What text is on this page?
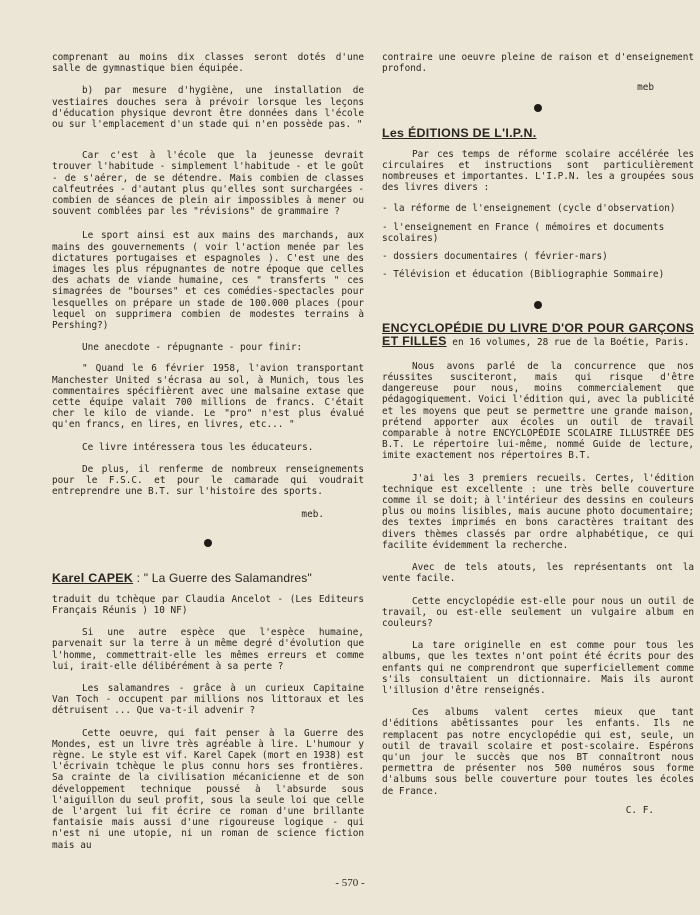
comprenant au moins dix classes seront dotés d'une salle de gymnastique bien équipée.

b) par mesure d'hygiène, une installation de vestiaires douches sera à prévoir lorsque les leçons d'éducation physique devront être données dans l'école ou sur l'emplacement d'un stade qui n'en possède pas. "

Car c'est à l'école que la jeunesse devrait trouver l'habitude - simplement l'habitude - et le goût - de s'aérer, de se détendre. Mais combien de classes calfeutrées - d'autant plus qu'elles sont surchargées - combien de séances de plein air impossibles à mener ou souvent comblées par les "révisions" de grammaire ?

Le sport ainsi est aux mains des marchands, aux mains des gouvernements ( voir l'action menée par les dictatures portugaises et espagnoles ). C'est une des images les plus répugnantes de notre époque que celles des achats de viande humaine, ces " transferts " ces simagrées de "bourses" et ces comédies-spectacles pour lesquelles on prépare un stade de 100.000 places (pour lequel on supprimera combien de modestes terrains à Pershing?)

Une anecdote - répugnante - pour finir:

" Quand le 6 février 1958, l'avion transportant Manchester United s'écrasa au sol, à Munich, tous les commentaires spécifièrent avec une malsaine extase que cette équipe valait 700 millions de francs. C'était cher le kilo de viande. Le "pro" n'est plus évalué qu'en francs, en lires, en livres, etc... "

Ce livre intéressera tous les éducateurs.

De plus, il renferme de nombreux renseignements pour le F.S.C. et pour le camarade qui voudrait entreprendre une B.T. sur l'histoire des sports.

meb.

Karel CAPEK : " La Guerre des Salamandres"

traduit du tchèque par Claudia Ancelot - (Les Editeurs Français Réunis ) 10 NF)

Si une autre espèce que l'espèce humaine, parvenait sur la terre à un même degré d'évolution que l'homme, commettrait-elle les mêmes erreurs et comme lui, irait-elle délibérément à sa perte ?

Les salamandres - grâce à un curieux Capitaine Van Toch - occupent par millions nos littoraux et les détruisent ... Que va-t-il advenir ?

Cette oeuvre, qui fait penser à la Guerre des Mondes, est un livre très agréable à lire. L'humour y règne. Le style est vif. Karel Capek (mort en 1938) est l'écrivain tchèque le plus connu hors ses frontières. Sa crainte de la civilisation mécanicienne et de son développement technique poussé à l'absurde sous l'aiguillon du seul profit, sous la seule loi que celle de l'argent lui fit écrire ce roman d'une brillante fantaisie mais aussi d'une rigoureuse logique - qui n'est ni une utopie, ni un roman de science fiction mais au

contraire une oeuvre pleine de raison et d'enseignement profond.

meb

Les ÉDITIONS DE L'I.P.N.

Par ces temps de réforme scolaire accélérée les circulaires et instructions sont particulièrement nombreuses et importantes. L'I.P.N. les a groupées sous des livres divers :

- la réforme de l'enseignement (cycle d'observation)
- l'enseignement en France ( mémoires et documents scolaires)
- dossiers documentaires ( février-mars)
- Télévision et éducation (Bibliographie Sommaire)

ENCYCLOPÉDIE DU LIVRE D'OR POUR GARÇONS ET FILLES en 16 volumes, 28 rue de la Boétie, Paris.

Nous avons parlé de la concurrence que nos réussites susciteront, mais qui risque d'être dangereuse pour nous, moins commercialement que pédagogiquement. Voici l'édition qui, avec la publicité et les moyens que peut se permettre une grande maison, prétend apporter aux écoles un outil de travail comparable à notre ENCYCLOPÉDIE SCOLAIRE ILLUSTRÉE DES B.T. Le répertoire lui-même, nommé Guide de lecture, imite exactement nos répertoires B.T.

J'ai les 3 premiers recueils. Certes, l'édition technique est excellente : une très belle couverture comme il se doit; à l'intérieur des dessins en couleurs plus ou moins lisibles, mais aucune photo documentaire; des textes imprimés en bons caractères traitant des divers thèmes classés par ordre alphabétique, ce qui facilite évidemment la recherche.

Avec de tels atouts, les représentants ont la vente facile.

Cette encyclopédie est-elle pour nous un outil de travail, ou est-elle seulement un vulgaire album en couleurs?

La tare originelle en est comme pour tous les albums, que les textes n'ont point été écrits pour des enfants qui ne comprendront que superficiellement comme s'ils consultaient un dictionnaire. Mais ils auront l'illusion d'être renseignés.

Ces albums valent certes mieux que tant d'éditions abêtissantes pour les enfants. Ils ne remplacent pas notre encyclopédie qui est, seule, un outil de travail scolaire et post-scolaire. Espérons qu'un jour le succès que nos BT connaîtront nous permettra de présenter nos 500 numéros sous forme d'albums sous belle couverture pour toutes les écoles de France.

C. F.

- 570 -
